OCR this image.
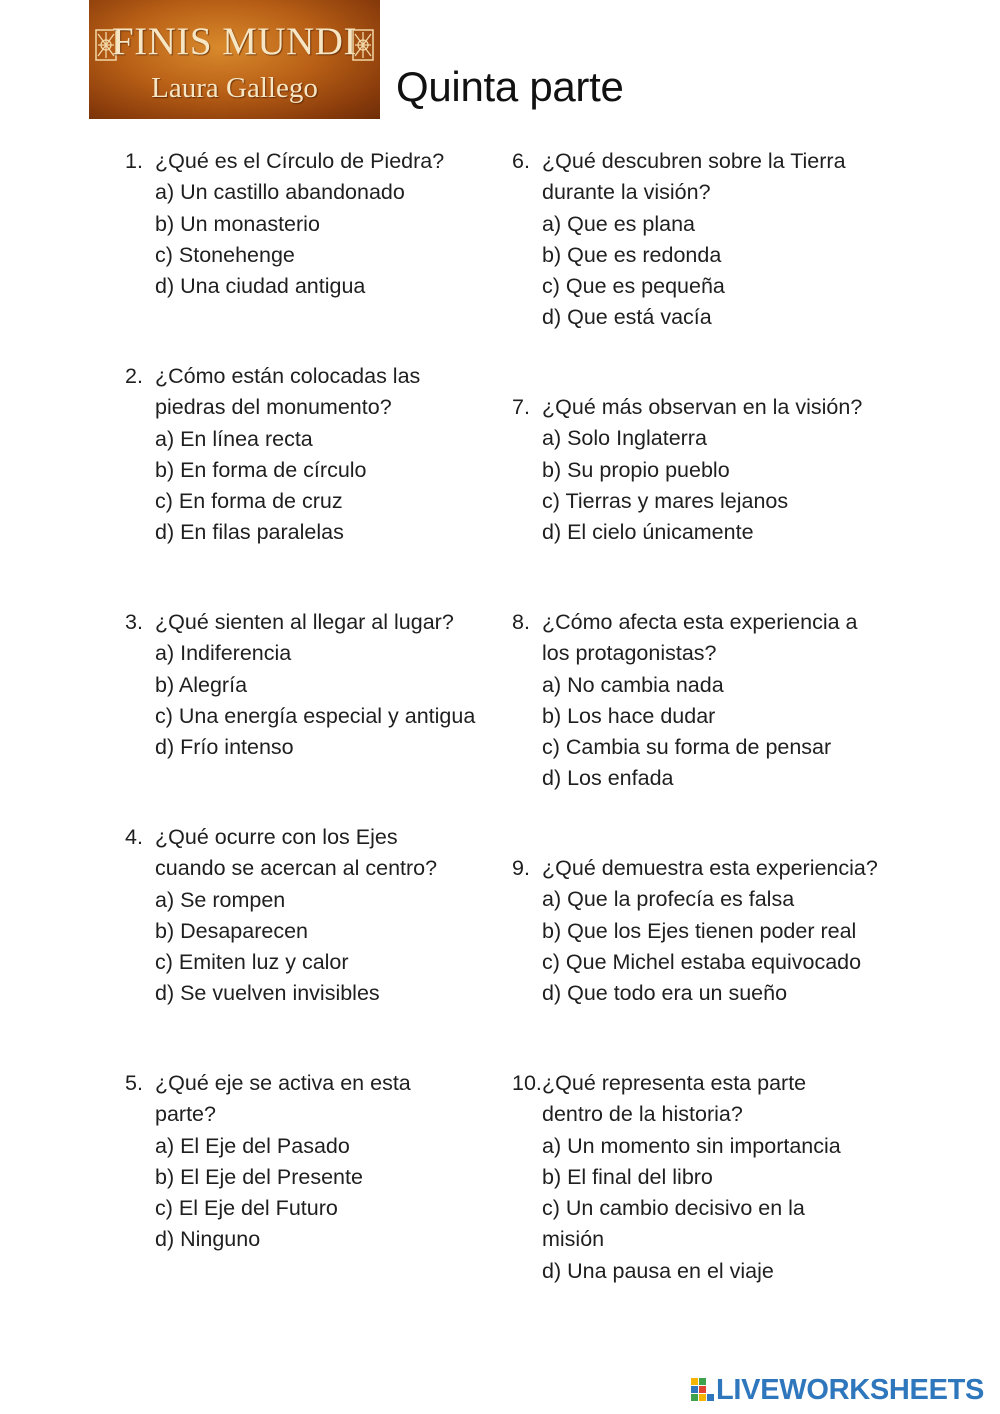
FINIS MUNDI
Laura Gallego	Quinta parte
1. ¿Qué es el Círculo de Piedra?
a) Un castillo abandonado
b) Un monasterio
c) Stonehenge
d) Una ciudad antigua
2. ¿Cómo están colocadas las
piedras del monumento?
a) En línea recta
b) En forma de círculo
c) En forma de cruz
d) En filas paralelas
3. ¿Qué sienten al llegar al lugar?
a) Indiferencia
b) Alegría
c) Una energía especial y antigua
d) Frío intenso
4. ¿Qué ocurre con los Ejes
cuando se acercan al centro?
a) Se rompen
b) Desaparecen
c) Emiten luz y calor
d) Se vuelven invisibles
5. ¿Qué eje se activa en esta
parte?
a) El Eje del Pasado
b) El Eje del Presente
c) El Eje del Futuro
d) Ninguno
6. ¿Qué descubren sobre la Tierra
durante la visión?
a) Que es plana
b) Que es redonda
c) Que es pequeña
d) Que está vacía
7. ¿Qué más observan en la visión?
a) Solo Inglaterra
b) Su propio pueblo
c) Tierras y mares lejanos
d) El cielo únicamente
8. ¿Cómo afecta esta experiencia a
los protagonistas?
a) No cambia nada
b) Los hace dudar
c) Cambia su forma de pensar
d) Los enfada
9. ¿Qué demuestra esta experiencia?
a) Que la profecía es falsa
b) Que los Ejes tienen poder real
c) Que Michel estaba equivocado
d) Que todo era un sueño
10. ¿Qué representa esta parte
dentro de la historia?
a) Un momento sin importancia
b) El final del libro
c) Un cambio decisivo en la
misión
d) Una pausa en el viaje
LIVEWORKSHEETS
